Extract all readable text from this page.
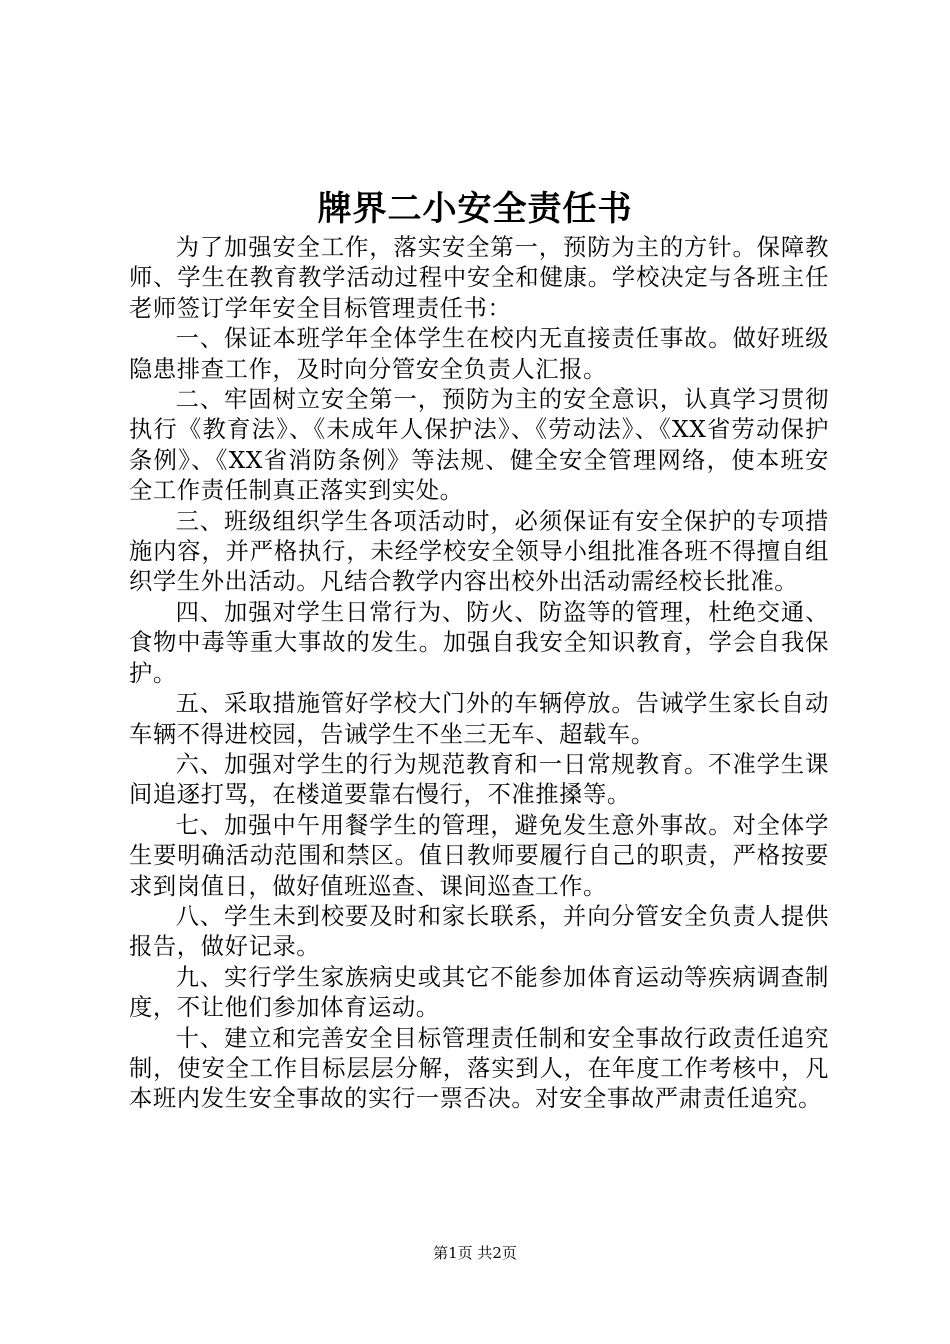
牌界二小安全责任书

为了加强安全工作，落实安全第一，预防为主的方针。保障教师、学生在教育教学活动过程中安全和健康。学校决定与各班主任老师签订学年安全目标管理责任书：

一、保证本班学年全体学生在校内无直接责任事故。做好班级隐患排查工作，及时向分管安全负责人汇报。

二、牢固树立安全第一，预防为主的安全意识，认真学习贯彻执行《教育法》、《未成年人保护法》、《劳动法》、《XX省劳动保护条例》、《XX省消防条例》等法规、健全安全管理网络，使本班安全工作责任制真正落实到实处。

三、班级组织学生各项活动时，必须保证有安全保护的专项措施内容，并严格执行，未经学校安全领导小组批准各班不得擅自组织学生外出活动。凡结合教学内容出校外出活动需经校长批准。

四、加强对学生日常行为、防火、防盗等的管理，杜绝交通、食物中毒等重大事故的发生。加强自我安全知识教育，学会自我保护。

五、采取措施管好学校大门外的车辆停放。告诫学生家长自动车辆不得进校园，告诫学生不坐三无车、超载车。

六、加强对学生的行为规范教育和一日常规教育。不准学生课间追逐打骂，在楼道要靠右慢行，不准推搡等。

七、加强中午用餐学生的管理，避免发生意外事故。对全体学生要明确活动范围和禁区。值日教师要履行自己的职责，严格按要求到岗值日，做好值班巡查、课间巡查工作。

八、学生未到校要及时和家长联系，并向分管安全负责人提供报告，做好记录。

九、实行学生家族病史或其它不能参加体育运动等疾病调查制度，不让他们参加体育运动。

十、建立和完善安全目标管理责任制和安全事故行政责任追究制，使安全工作目标层层分解，落实到人，在年度工作考核中，凡本班内发生安全事故的实行一票否决。对安全事故严肃责任追究。

第1页 共2页
